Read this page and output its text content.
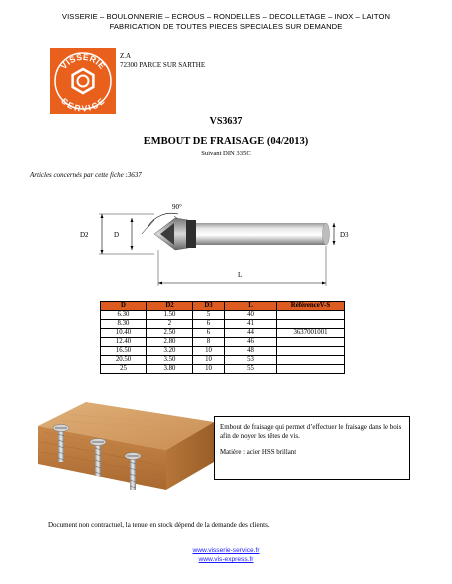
VISSERIE – BOULONNERIE – ECROUS – RONDELLES – DECOLLETAGE – INOX – LAITON
FABRICATION DE TOUTES PIECES SPECIALES SUR DEMANDE
VISSERIE
SERVICE
Z.A
72300 PARCE SUR SARTHE
VS3637
EMBOUT DE FRAISAGE (04/2013)
Suivant DIN 335C
Articles concernés par cette fiche :3637
90°
D2	D	D3
L
D	D2	D3	L	RéférenceV-S
6.30	1.50	5	40	
8.30	2	6	41	
10.40	2.50	6	44	3637001001
12.40	2.80	8	46	
16.50	3.20	10	48	
20.50	3.50	10	53	
25	3.80	10	55	

Embout de fraisage qui permet d’effectuer le fraisage dans le bois afin de noyer les têtes de vis.

Matière : acier HSS brillant

Document non contractuel, la tenue en stock dépend de la demande des clients.
www.visserie-service.fr
www.vis-express.fr
